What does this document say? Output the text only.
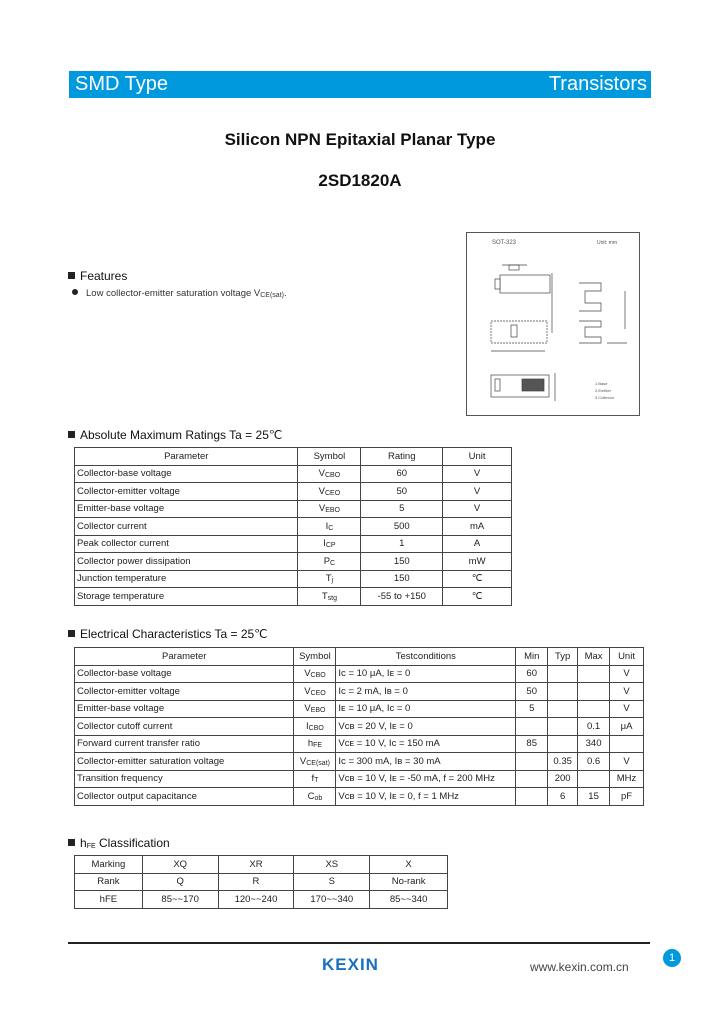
SMD Type	Transistors
Silicon NPN Epitaxial Planar Type
2SD1820A
Features
Low collector-emitter saturation voltage VCE(sat).
SOT-323	Unit: mm
1.Base
2.Emitter
3.Collector
Absolute Maximum Ratings Ta = 25℃
Parameter	Symbol	Rating	Unit
Collector-base voltage	VCBO	60	V
Collector-emitter voltage	VCEO	50	V
Emitter-base voltage	VEBO	5	V
Collector current	IC	500	mA
Peak collector current	ICP	1	A
Collector power dissipation	PC	150	mW
Junction temperature	Tj	150	℃
Storage temperature	Tstg	-55 to +150	℃
Electrical Characteristics Ta = 25℃
Parameter	Symbol	Testconditions	Min	Typ	Max	Unit
Collector-base voltage	VCBO	Iᴄ = 10 μA, Iᴇ = 0	60			V
Collector-emitter voltage	VCEO	Iᴄ = 2 mA, Iʙ = 0	50			V
Emitter-base voltage	VEBO	Iᴇ = 10 μA, Iᴄ = 0	5			V
Collector cutoff current	ICBO	Vᴄʙ = 20 V, Iᴇ = 0			0.1	μA
Forward current transfer ratio	hFE	Vᴄᴇ = 10 V, Iᴄ = 150 mA	85		340	
Collector-emitter saturation voltage	VCE(sat)	Iᴄ = 300 mA, Iʙ = 30 mA		0.35	0.6	V
Transition frequency	fT	Vᴄʙ = 10 V, Iᴇ = -50 mA, f = 200 MHz		200		MHz
Collector output capacitance	Cob	Vᴄʙ = 10 V, Iᴇ = 0, f = 1 MHz		6	15	pF
hFE Classification
Marking	XQ	XR	XS	X
Rank	Q	R	S	No-rank
hFE	85~~170	120~~240	170~~340	85~~340
KEXIN	www.kexin.com.cn
1
